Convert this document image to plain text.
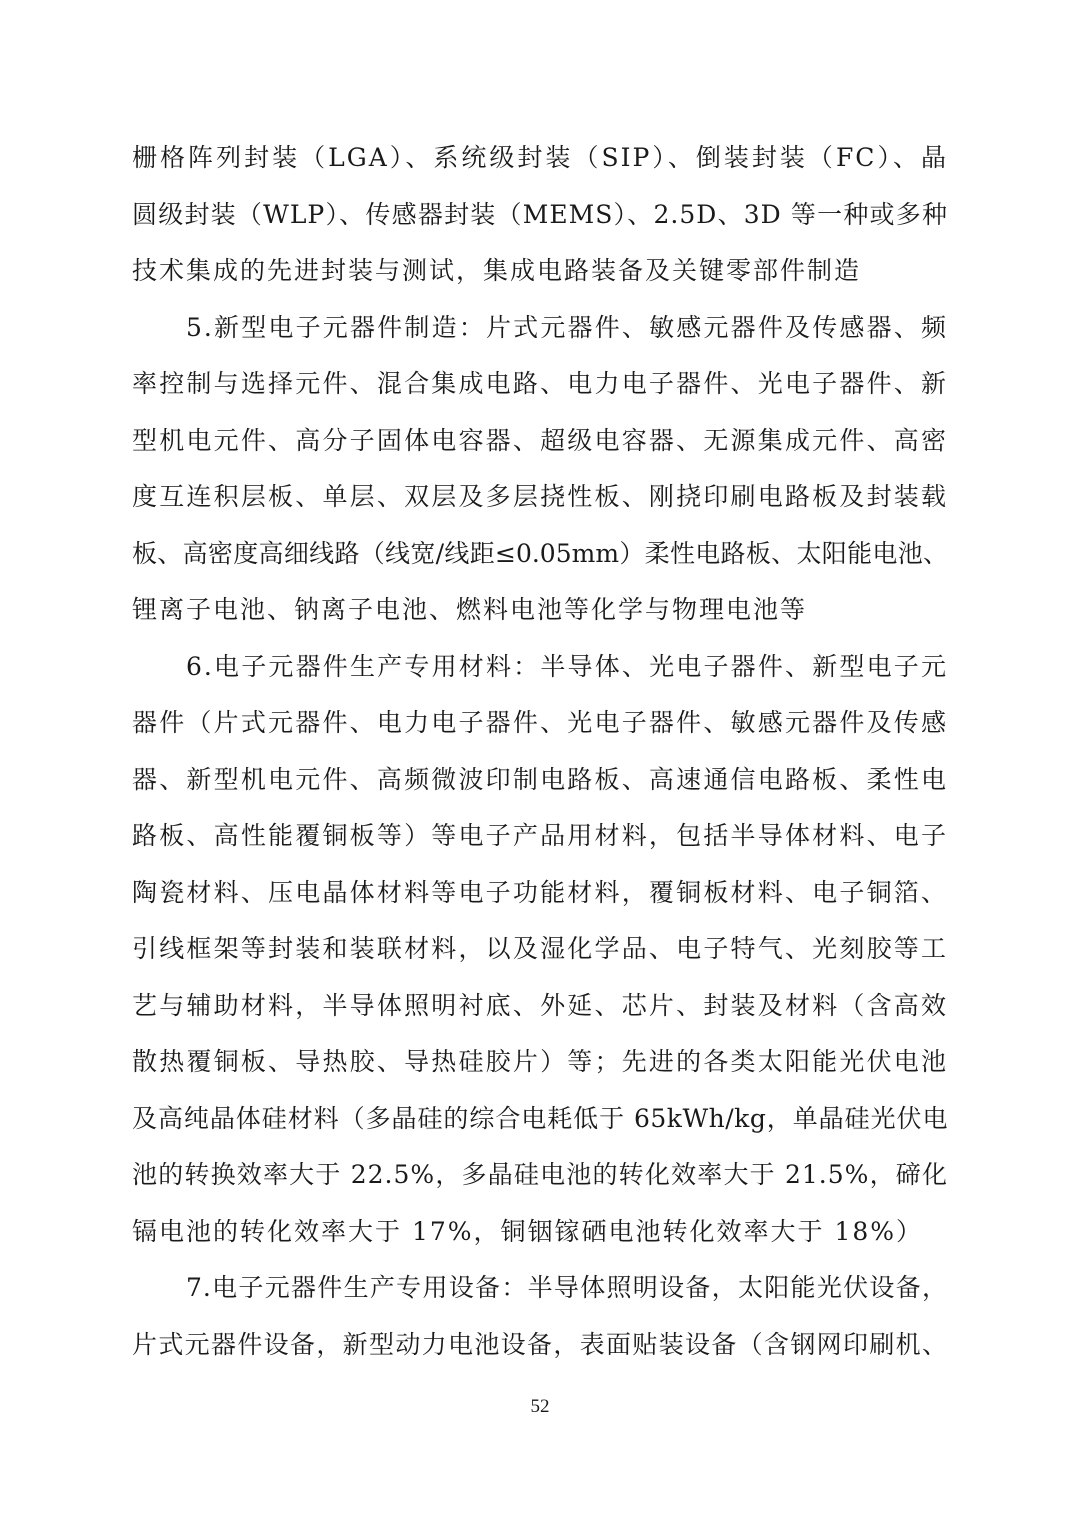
栅格阵列封装（LGA）、系统级封装（SIP）、倒装封装（FC）、晶
圆级封装（WLP）、传感器封装（MEMS）、2.5D、3D 等一种或多种
技术集成的先进封装与测试，集成电路装备及关键零部件制造
5.新型电子元器件制造：片式元器件、敏感元器件及传感器、频
率控制与选择元件、混合集成电路、电力电子器件、光电子器件、新
型机电元件、高分子固体电容器、超级电容器、无源集成元件、高密
度互连积层板、单层、双层及多层挠性板、刚挠印刷电路板及封装载
板、高密度高细线路（线宽/线距≤0.05mm）柔性电路板、太阳能电池、
锂离子电池、钠离子电池、燃料电池等化学与物理电池等
6.电子元器件生产专用材料：半导体、光电子器件、新型电子元
器件（片式元器件、电力电子器件、光电子器件、敏感元器件及传感
器、新型机电元件、高频微波印制电路板、高速通信电路板、柔性电
路板、高性能覆铜板等）等电子产品用材料，包括半导体材料、电子
陶瓷材料、压电晶体材料等电子功能材料，覆铜板材料、电子铜箔、
引线框架等封装和装联材料，以及湿化学品、电子特气、光刻胶等工
艺与辅助材料，半导体照明衬底、外延、芯片、封装及材料（含高效
散热覆铜板、导热胶、导热硅胶片）等；先进的各类太阳能光伏电池
及高纯晶体硅材料（多晶硅的综合电耗低于 65kWh/kg，单晶硅光伏电
池的转换效率大于 22.5%，多晶硅电池的转化效率大于 21.5%，碲化
镉电池的转化效率大于 17%，铜铟镓硒电池转化效率大于 18%）
7.电子元器件生产专用设备：半导体照明设备，太阳能光伏设备，
片式元器件设备，新型动力电池设备，表面贴装设备（含钢网印刷机、
52
